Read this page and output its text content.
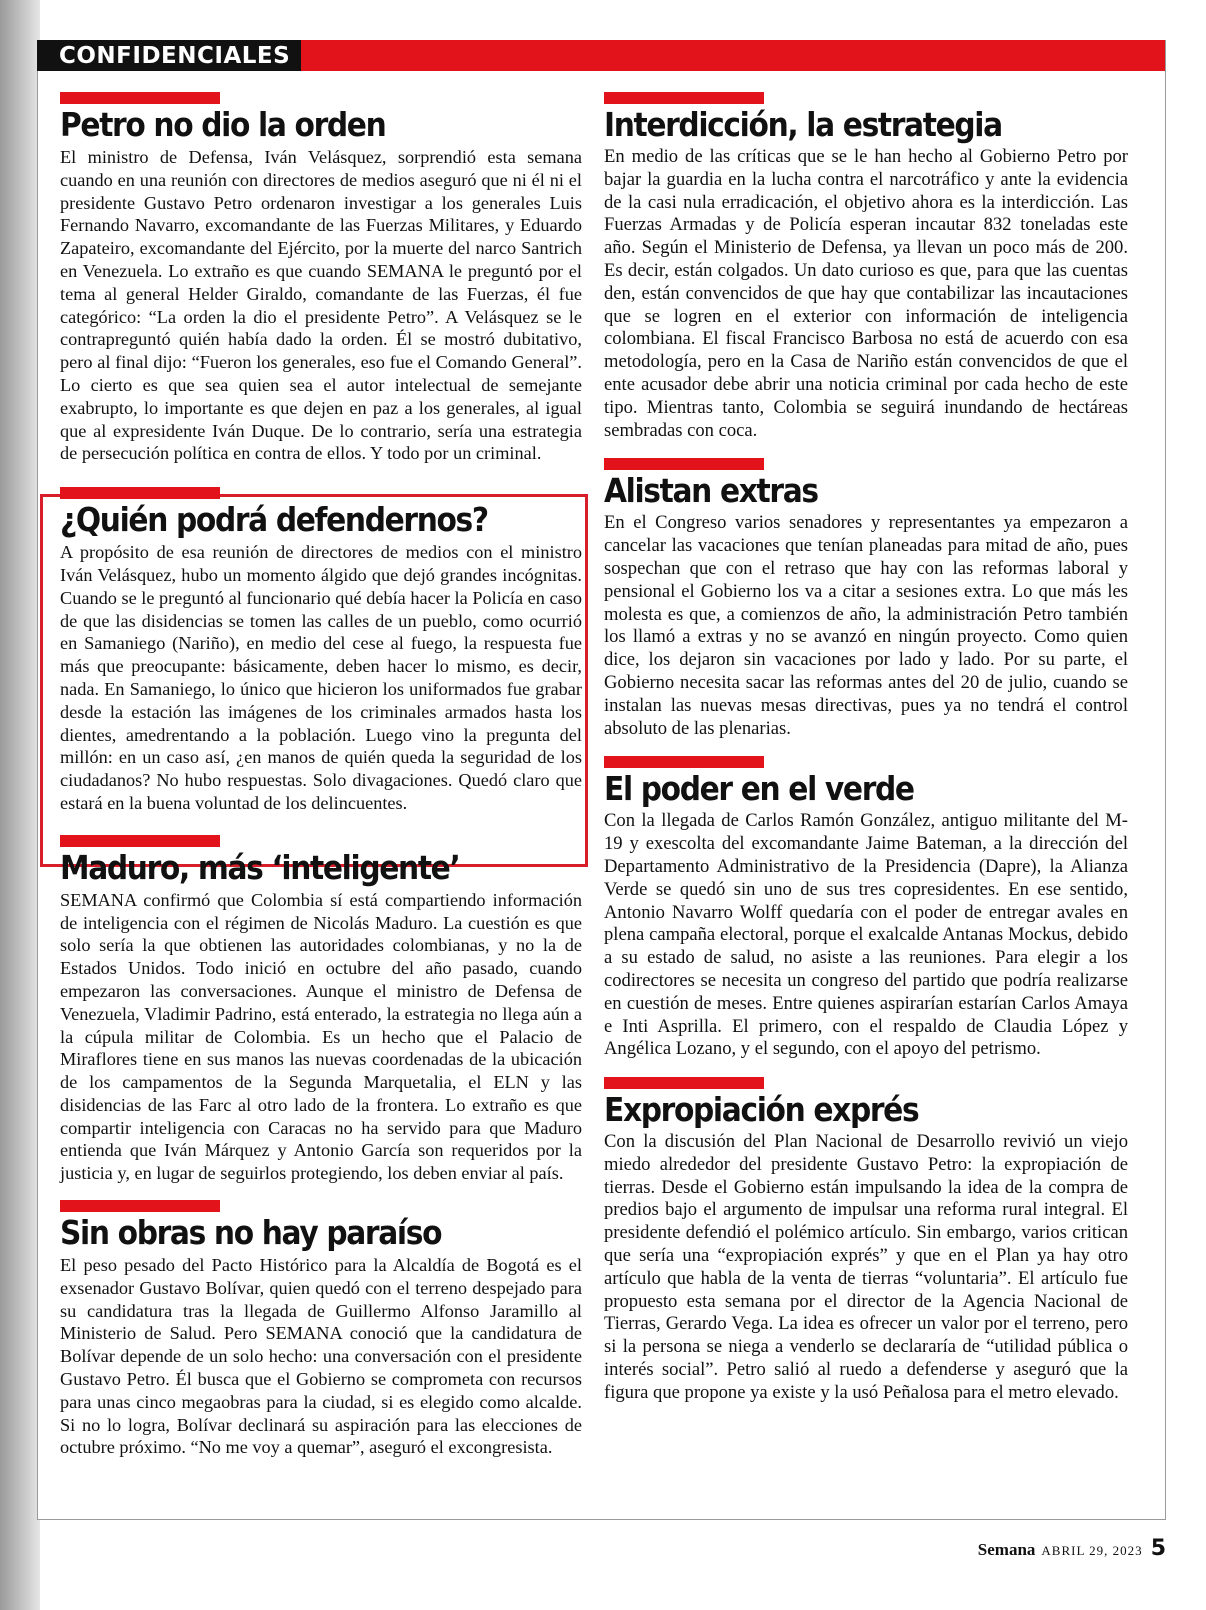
CONFIDENCIALES
Petro no dio la orden

El ministro de Defensa, Iván Velásquez, sorprendió esta semana cuando en una reunión con directores de medios aseguró que ni él ni el presidente Gustavo Petro ordenaron investigar a los generales Luis Fernando Navarro, excomandante de las Fuerzas Militares, y Eduardo Zapateiro, excomandante del Ejército, por la muerte del narco Santrich en Venezuela. Lo extraño es que cuando SEMANA le preguntó por el tema al general Helder Giraldo, comandante de las Fuerzas, él fue categórico: “La orden la dio el presidente Petro”. A Velásquez se le contrapreguntó quién había dado la orden. Él se mostró dubitativo, pero al final dijo: “Fueron los generales, eso fue el Comando General”. Lo cierto es que sea quien sea el autor intelectual de semejante exabrupto, lo importante es que dejen en paz a los generales, al igual que al expresidente Iván Duque. De lo contrario, sería una estrategia de persecución política en contra de ellos. Y todo por un criminal.

¿Quién podrá defendernos?

A propósito de esa reunión de directores de medios con el ministro Iván Velásquez, hubo un momento álgido que dejó grandes incógnitas. Cuando se le preguntó al funcionario qué debía hacer la Policía en caso de que las disidencias se tomen las calles de un pueblo, como ocurrió en Samaniego (Nariño), en medio del cese al fuego, la respuesta fue más que preocupante: básicamente, deben hacer lo mismo, es decir, nada. En Samaniego, lo único que hicieron los uniformados fue grabar desde la estación las imágenes de los criminales armados hasta los dientes, amedrentando a la población. Luego vino la pregunta del millón: en un caso así, ¿en manos de quién queda la seguridad de los ciudadanos? No hubo respuestas. Solo divagaciones. Quedó claro que estará en la buena voluntad de los delincuentes.

Maduro, más ‘inteligente’

SEMANA confirmó que Colombia sí está compartiendo información de inteligencia con el régimen de Nicolás Maduro. La cuestión es que solo sería la que obtienen las autoridades colombianas, y no la de Estados Unidos. Todo inició en octubre del año pasado, cuando empezaron las conversaciones. Aunque el ministro de Defensa de Venezuela, Vladimir Padrino, está enterado, la estrategia no llega aún a la cúpula militar de Colombia. Es un hecho que el Palacio de Miraflores tiene en sus manos las nuevas coordenadas de la ubicación de los campamentos de la Segunda Marquetalia, el ELN y las disidencias de las Farc al otro lado de la frontera. Lo extraño es que compartir inteligencia con Caracas no ha servido para que Maduro entienda que Iván Márquez y Antonio García son requeridos por la justicia y, en lugar de seguirlos protegiendo, los deben enviar al país.

Sin obras no hay paraíso

El peso pesado del Pacto Histórico para la Alcaldía de Bogotá es el exsenador Gustavo Bolívar, quien quedó con el terreno despejado para su candidatura tras la llegada de Guillermo Alfonso Jaramillo al Ministerio de Salud. Pero SEMANA conoció que la candidatura de Bolívar depende de un solo hecho: una conversación con el presidente Gustavo Petro. Él busca que el Gobierno se comprometa con recursos para unas cinco megaobras para la ciudad, si es elegido como alcalde. Si no lo logra, Bolívar declinará su aspiración para las elecciones de octubre próximo. “No me voy a quemar”, aseguró el excongresista.

Interdicción, la estrategia

En medio de las críticas que se le han hecho al Gobierno Petro por bajar la guardia en la lucha contra el narcotráfico y ante la evidencia de la casi nula erradicación, el objetivo ahora es la interdicción. Las Fuerzas Armadas y de Policía esperan incautar 832 toneladas este año. Según el Ministerio de Defensa, ya llevan un poco más de 200. Es decir, están colgados. Un dato curioso es que, para que las cuentas den, están convencidos de que hay que contabilizar las incautaciones que se logren en el exterior con información de inteligencia colombiana. El fiscal Francisco Barbosa no está de acuerdo con esa metodología, pero en la Casa de Nariño están convencidos de que el ente acusador debe abrir una noticia criminal por cada hecho de este tipo. Mientras tanto, Colombia se seguirá inundando de hectáreas sembradas con coca.

Alistan extras

En el Congreso varios senadores y representantes ya empezaron a cancelar las vacaciones que tenían planeadas para mitad de año, pues sospechan que con el retraso que hay con las reformas laboral y pensional el Gobierno los va a citar a sesiones extra. Lo que más les molesta es que, a comienzos de año, la administración Petro también los llamó a extras y no se avanzó en ningún proyecto. Como quien dice, los dejaron sin vacaciones por lado y lado. Por su parte, el Gobierno necesita sacar las reformas antes del 20 de julio, cuando se instalan las nuevas mesas directivas, pues ya no tendrá el control absoluto de las plenarias.

El poder en el verde

Con la llegada de Carlos Ramón González, antiguo militante del M-19 y exescolta del excomandante Jaime Bateman, a la dirección del Departamento Administrativo de la Presidencia (Dapre), la Alianza Verde se quedó sin uno de sus tres copresidentes. En ese sentido, Antonio Navarro Wolff quedaría con el poder de entregar avales en plena campaña electoral, porque el exalcalde Antanas Mockus, debido a su estado de salud, no asiste a las reuniones. Para elegir a los codirectores se necesita un congreso del partido que podría realizarse en cuestión de meses. Entre quienes aspirarían estarían Carlos Amaya e Inti Asprilla. El primero, con el respaldo de Claudia López y Angélica Lozano, y el segundo, con el apoyo del petrismo.

Expropiación exprés

Con la discusión del Plan Nacional de Desarrollo revivió un viejo miedo alrededor del presidente Gustavo Petro: la expropiación de tierras. Desde el Gobierno están impulsando la idea de la compra de predios bajo el argumento de impulsar una reforma rural integral. El presidente defendió el polémico artículo. Sin embargo, varios critican que sería una “expropiación exprés” y que en el Plan ya hay otro artículo que habla de la venta de tierras “voluntaria”. El artículo fue propuesto esta semana por el director de la Agencia Nacional de Tierras, Gerardo Vega. La idea es ofrecer un valor por el terreno, pero si la persona se niega a venderlo se declararía de “utilidad pública o interés social”. Petro salió al ruedo a defenderse y aseguró que la figura que propone ya existe y la usó Peñalosa para el metro elevado.

Semana ABRIL 29, 2023 5
